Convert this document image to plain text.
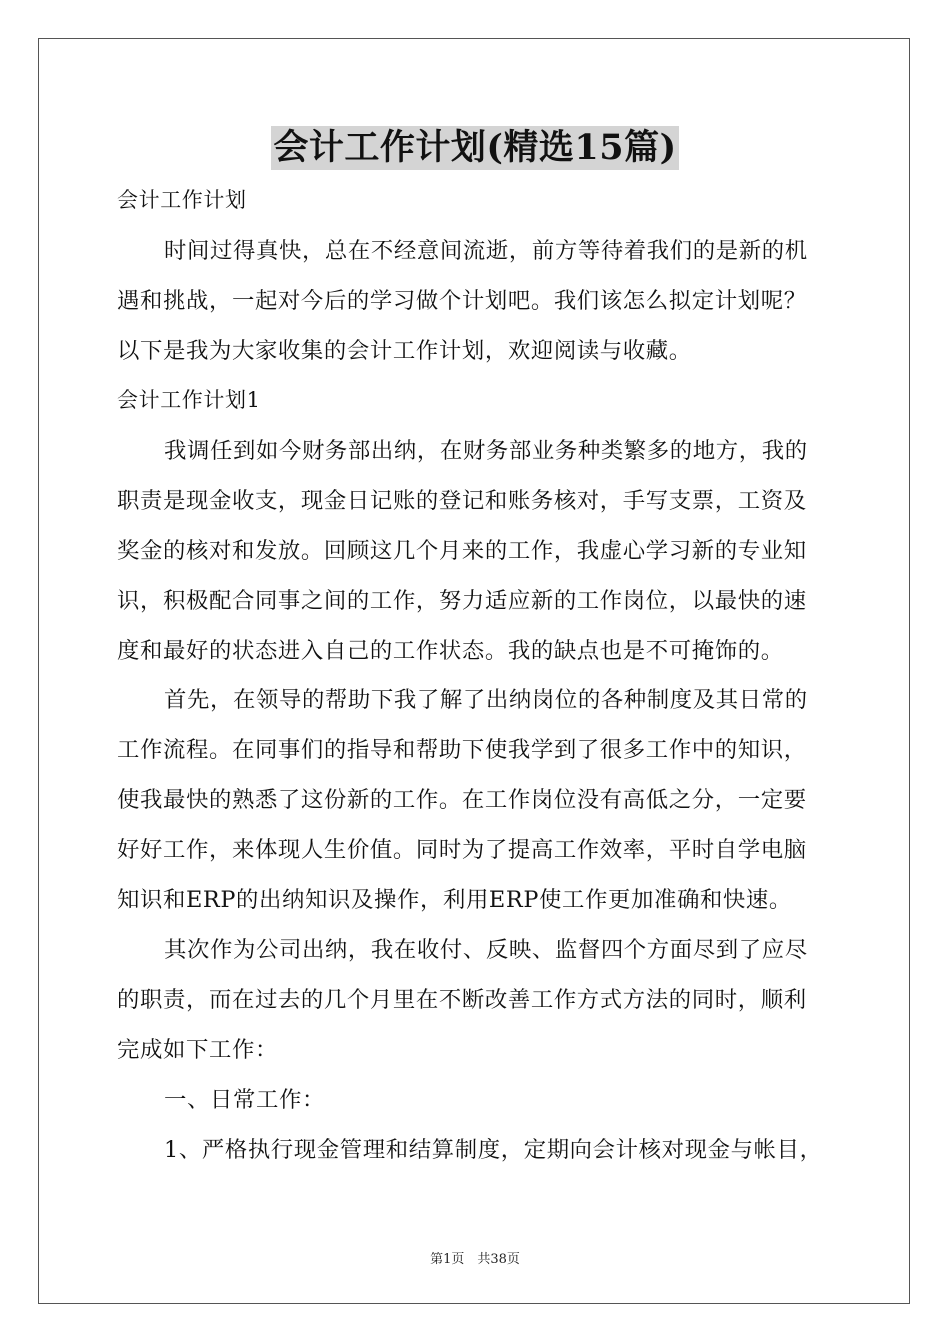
会计工作计划(精选15篇)

会计工作计划

时间过得真快，总在不经意间流逝，前方等待着我们的是新的机

遇和挑战，一起对今后的学习做个计划吧。我们该怎么拟定计划呢？

以下是我为大家收集的会计工作计划，欢迎阅读与收藏。

会计工作计划1

我调任到如今财务部出纳，在财务部业务种类繁多的地方，我的

职责是现金收支，现金日记账的登记和账务核对，手写支票，工资及

奖金的核对和发放。回顾这几个月来的工作，我虚心学习新的专业知

识，积极配合同事之间的工作，努力适应新的工作岗位，以最快的速

度和最好的状态进入自己的工作状态。我的缺点也是不可掩饰的。

首先，在领导的帮助下我了解了出纳岗位的各种制度及其日常的

工作流程。在同事们的指导和帮助下使我学到了很多工作中的知识，

使我最快的熟悉了这份新的工作。在工作岗位没有高低之分，一定要

好好工作，来体现人生价值。同时为了提高工作效率，平时自学电脑

知识和ERP的出纳知识及操作，利用ERP使工作更加准确和快速。

其次作为公司出纳，我在收付、反映、监督四个方面尽到了应尽

的职责，而在过去的几个月里在不断改善工作方式方法的同时，顺利

完成如下工作：

一、日常工作：

1、严格执行现金管理和结算制度，定期向会计核对现金与帐目，

第1页　共38页
